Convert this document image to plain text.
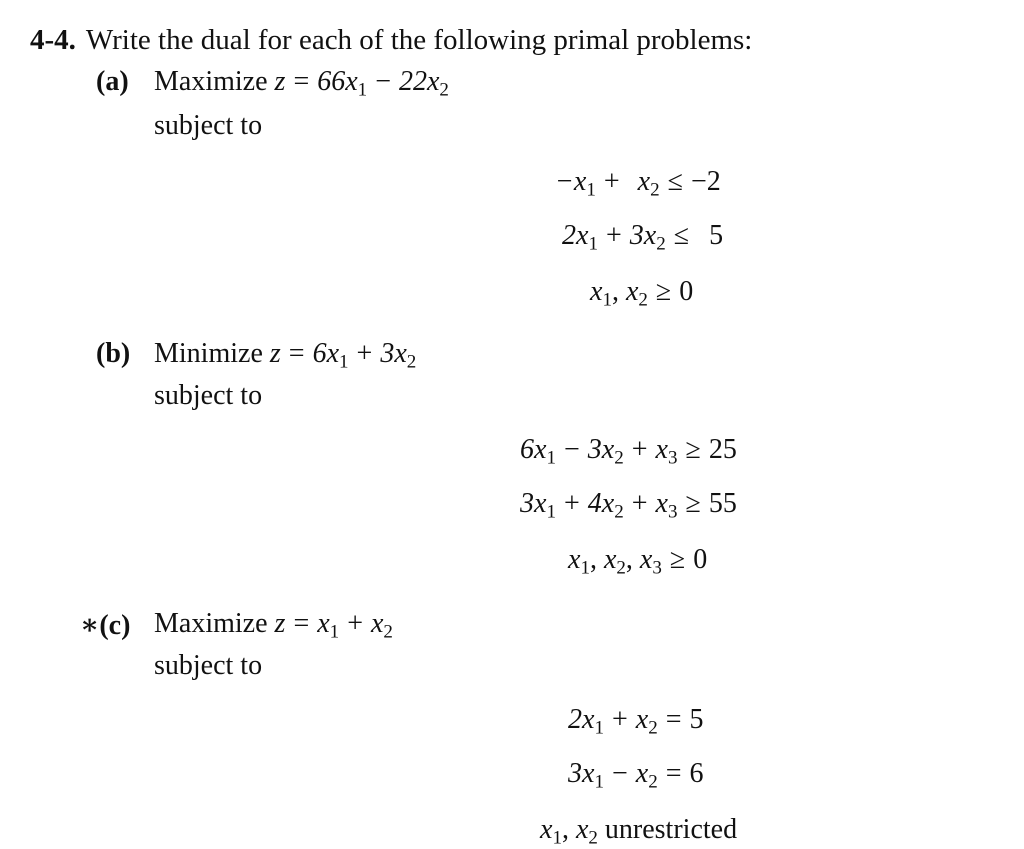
4-4. Write the dual for each of the following primal problems:
(a) Maximize $z = 66x_1 - 22x_2$
subject to
$-x_1 + x_2 \le -2$
$2x_1 + 3x_2 \le 5$
$x_1$, $x_2 \ge 0$
(b) Minimize $z = 6x_1 + 3x_2$
subject to
$6x_1 - 3x_2 + x_3 \ge 25$
$3x_1 + 4x_2 + x_3 \ge 55$
$x_1$, $x_2$, $x_3 \ge 0$
∗(c) Maximize $z = x_1 + x_2$
subject to
$2x_1 + x_2 = 5$
$3x_1 - x_2 = 6$
$x_1$, $x_2$ unrestricted
